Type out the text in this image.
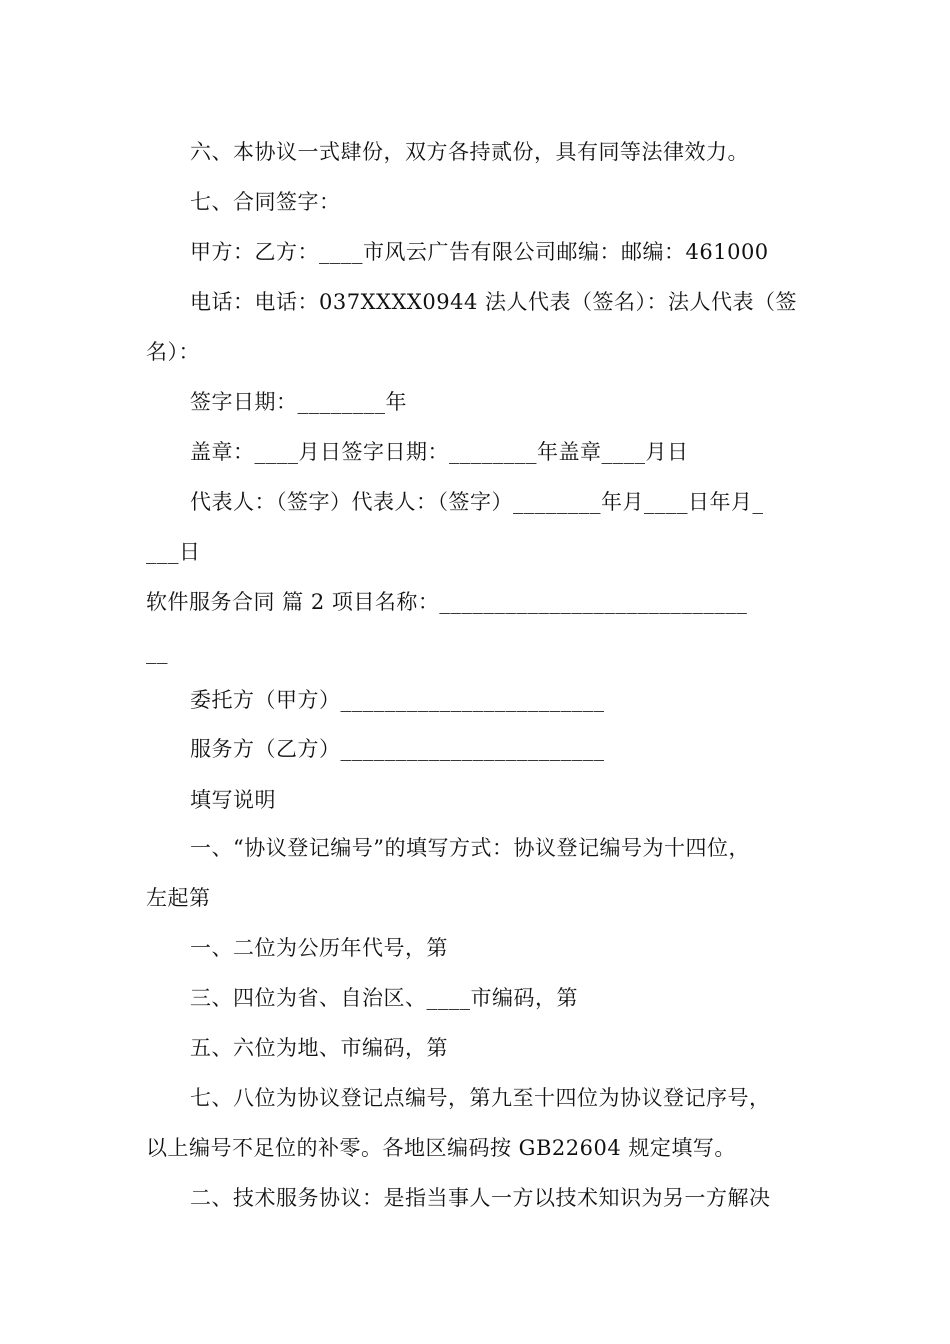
六、本协议一式肆份，双方各持贰份，具有同等法律效力。
七、合同签字：
甲方：乙方：____市风云广告有限公司邮编：邮编：461000
电话：电话：037XXXX0944 法人代表（签名）：法人代表（签
名）：
签字日期：________年
盖章：____月日签字日期：________年盖章____月日
代表人：（签字）代表人：（签字）________年月____日年月_
___日
软件服务合同 篇 2 项目名称：____________________________
__
委托方（甲方）________________________
服务方（乙方）________________________
填写说明
一、“协议登记编号”的填写方式：协议登记编号为十四位，
左起第
一、二位为公历年代号，第
三、四位为省、自治区、____市编码，第
五、六位为地、市编码，第
七、八位为协议登记点编号，第九至十四位为协议登记序号，
以上编号不足位的补零。各地区编码按 GB22604 规定填写。
二、技术服务协议：是指当事人一方以技术知识为另一方解决
